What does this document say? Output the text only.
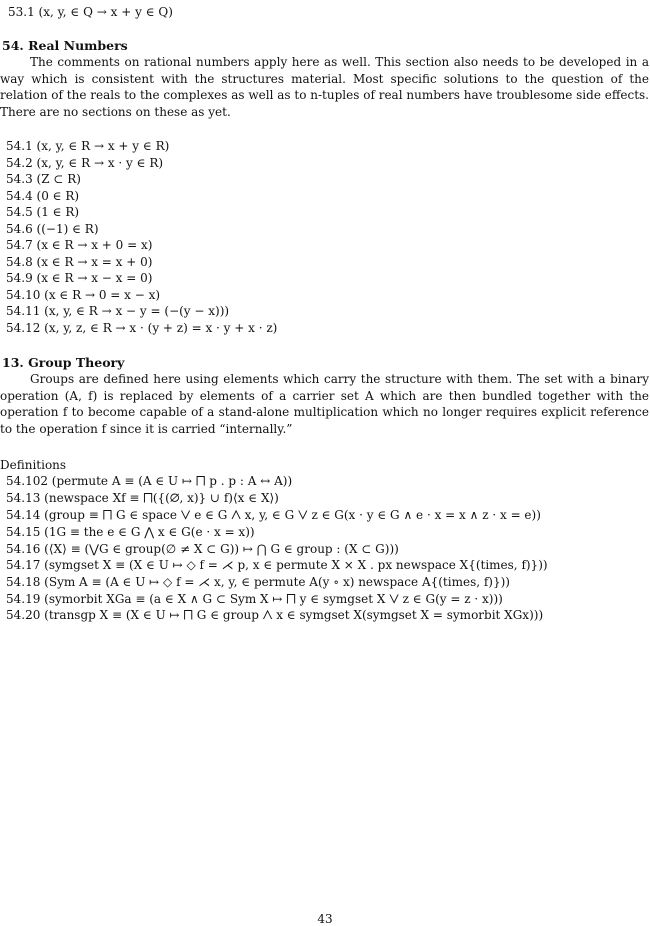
53.1 (x, y, ∈ Q → x + y ∈ Q)
54. Real Numbers
The comments on rational numbers apply here as well. This section also needs to be developed in a way which is consistent with the structures material. Most specific solutions to the question of the relation of the reals to the complexes as well as to n-tuples of real numbers have troublesome side effects. There are no sections on these as yet.
54.1 (x, y, ∈ R → x + y ∈ R)
54.2 (x, y, ∈ R → x · y ∈ R)
54.3 (Z ⊂ R)
54.4 (0 ∈ R)
54.5 (1 ∈ R)
54.6 ((−1) ∈ R)
54.7 (x ∈ R → x + 0 = x)
54.8 (x ∈ R → x = x + 0)
54.9 (x ∈ R → x − x = 0)
54.10 (x ∈ R → 0 = x − x)
54.11 (x, y, ∈ R → x − y = (−(y − x)))
54.12 (x, y, z, ∈ R → x · (y + z) = x · y + x · z)
13. Group Theory
Groups are defined here using elements which carry the structure with them. The set with a binary operation (A, f) is replaced by elements of a carrier set A which are then bundled together with the operation f to become capable of a stand-alone multiplication which no longer requires explicit reference to the operation f since it is carried “internally.”
Definitions
54.102 (permute A ≡ (A ∈ U ↦ ⨅ p . p : A ↔ A))
54.13 (newspace Xf ≡ ⨅({(∅, x)} ∪ f)⟨x ∈ X⟩)
54.14 (group ≡ ⨅ G ∈ space ⋁ e ∈ G ⋀ x, y, ∈ G ⋁ z ∈ G(x · y ∈ G ∧ e · x = x ∧ z · x = e))
54.15 (1G ≡ the e ∈ G ⋀ x ∈ G(e · x = x))
54.16 (⟨X⟩ ≡ (⋁G ∈ group(∅ ≠ X ⊂ G)) ↦ ⋂ G ∈ group : (X ⊂ G)))
54.17 (symgset X ≡ (X ∈ U ↦ ◇ f = ⋌ p, x ∈ permute X × X . px newspace X{(times, f)}))
54.18 (Sym A ≡ (A ∈ U ↦ ◇ f = ⋌ x, y, ∈ permute A(y ∘ x) newspace A{(times, f)}))
54.19 (symorbit XGa ≡ (a ∈ X ∧ G ⊂ Sym X ↦ ⨅ y ∈ symgset X ⋁ z ∈ G(y = z · x)))
54.20 (transgp X ≡ (X ∈ U ↦ ⨅ G ∈ group ⋀ x ∈ symgset X(symgset X = symorbit XGx)))
43
